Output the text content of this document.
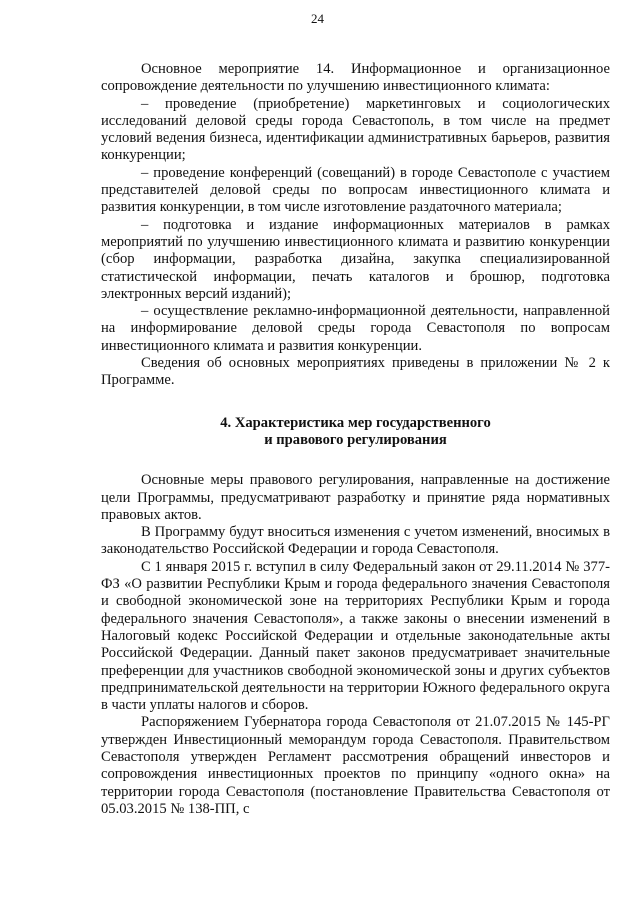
24

Основное мероприятие 14. Информационное и организационное сопровождение деятельности по улучшению инвестиционного климата:

– проведение (приобретение) маркетинговых и социологических исследований деловой среды города Севастополь, в том числе на предмет условий ведения бизнеса, идентификации административных барьеров, развития конкуренции;

– проведение конференций (совещаний) в городе Севастополе с участием представителей деловой среды по вопросам инвестиционного климата и развития конкуренции, в том числе изготовление раздаточного материала;

– подготовка и издание информационных материалов в рамках мероприятий по улучшению инвестиционного климата и развитию конкуренции (сбор информации, разработка дизайна, закупка специализированной статистической информации, печать каталогов и брошюр, подготовка электронных версий изданий);

– осуществление рекламно-информационной деятельности, направленной на информирование деловой среды города Севастополя по вопросам инвестиционного климата и развития конкуренции.

Сведения об основных мероприятиях приведены в приложении № 2 к Программе.

4. Характеристика мер государственного
и правового регулирования

Основные меры правового регулирования, направленные на достижение цели Программы, предусматривают разработку и принятие ряда нормативных правовых актов.

В Программу будут вноситься изменения с учетом изменений, вносимых в законодательство Российской Федерации и города Севастополя.

С 1 января 2015 г. вступил в силу Федеральный закон от 29.11.2014 № 377-ФЗ «О развитии Республики Крым и города федерального значения Севастополя и свободной экономической зоне на территориях Республики Крым и города федерального значения Севастополя», а также законы о внесении изменений в Налоговый кодекс Российской Федерации и отдельные законодательные акты Российской Федерации. Данный пакет законов предусматривает значительные преференции для участников свободной экономической зоны и других субъектов предпринимательской деятельности на территории Южного федерального округа в части уплаты налогов и сборов.

Распоряжением Губернатора города Севастополя от 21.07.2015 № 145-РГ утвержден Инвестиционный меморандум города Севастополя. Правительством Севастополя утвержден Регламент рассмотрения обращений инвесторов и сопровождения инвестиционных проектов по принципу «одного окна» на территории города Севастополя (постановление Правительства Севастополя от 05.03.2015 № 138-ПП, с
